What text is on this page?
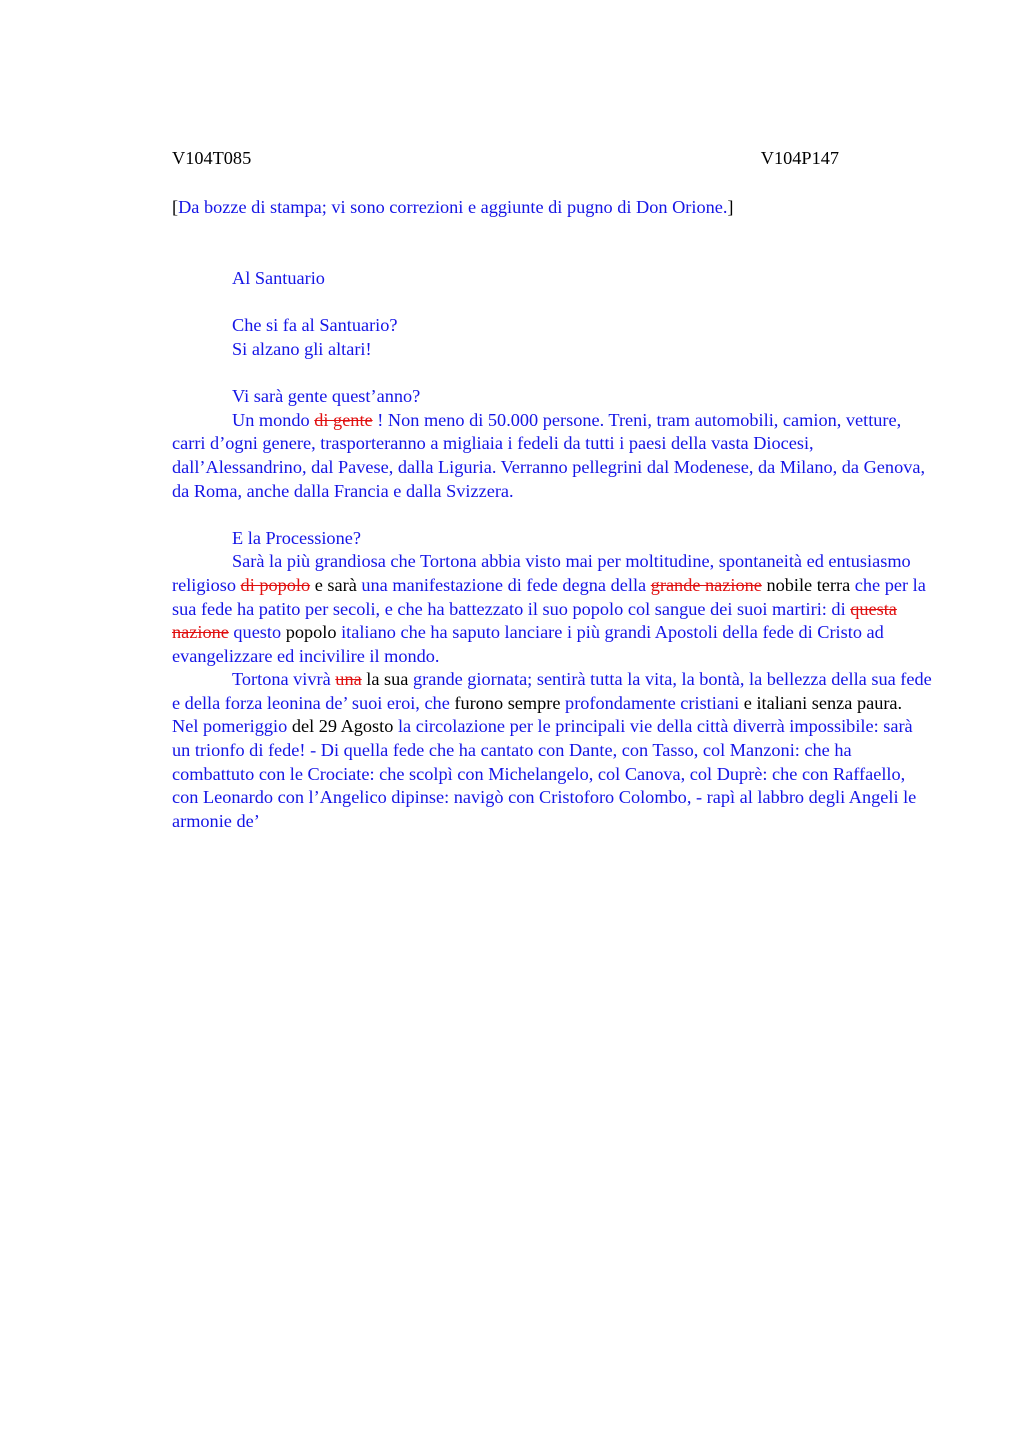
V104T085	V104P147
[Da bozze di stampa; vi sono correzioni e aggiunte di pugno di Don Orione.]
Al Santuario

Che si fa al Santuario?

Si alzano gli altari!

Vi sarà gente quest’anno?

Un mondo di gente ! Non meno di 50.000 persone. Treni, tram automobili, camion, vetture, carri d’ogni genere, trasporteranno a migliaia i fedeli da tutti i paesi della vasta Diocesi, dall’Alessandrino, dal Pavese, dalla Liguria. Verranno pellegrini dal Modenese, da Milano, da Genova, da Roma, anche dalla Francia e dalla Svizzera.

E la Processione?

Sarà la più grandiosa che Tortona abbia visto mai per moltitudine, spontaneità ed entusiasmo religioso di popolo e sarà una manifestazione di fede degna della grande nazione nobile terra che per la sua fede ha patito per secoli, e che ha battezzato il suo popolo col sangue dei suoi martiri: di questa nazione questo popolo italiano che ha saputo lanciare i più grandi Apostoli della fede di Cristo ad evangelizzare ed incivilire il mondo.

Tortona vivrà una la sua grande giornata; sentirà tutta la vita, la bontà, la bellezza della sua fede e della forza leonina de’ suoi eroi, che furono sempre profondamente cristiani e italiani senza paura. Nel pomeriggio del 29 Agosto la circolazione per le principali vie della città diverrà impossibile: sarà un trionfo di fede! - Di quella fede che ha cantato con Dante, con Tasso, col Manzoni: che ha combattuto con le Crociate: che scolpì con Michelangelo, col Canova, col Duprè: che con Raffaello, con Leonardo con l’Angelico dipinse: navigò con Cristoforo Colombo, - rapì al labbro degli Angeli le armonie de’
